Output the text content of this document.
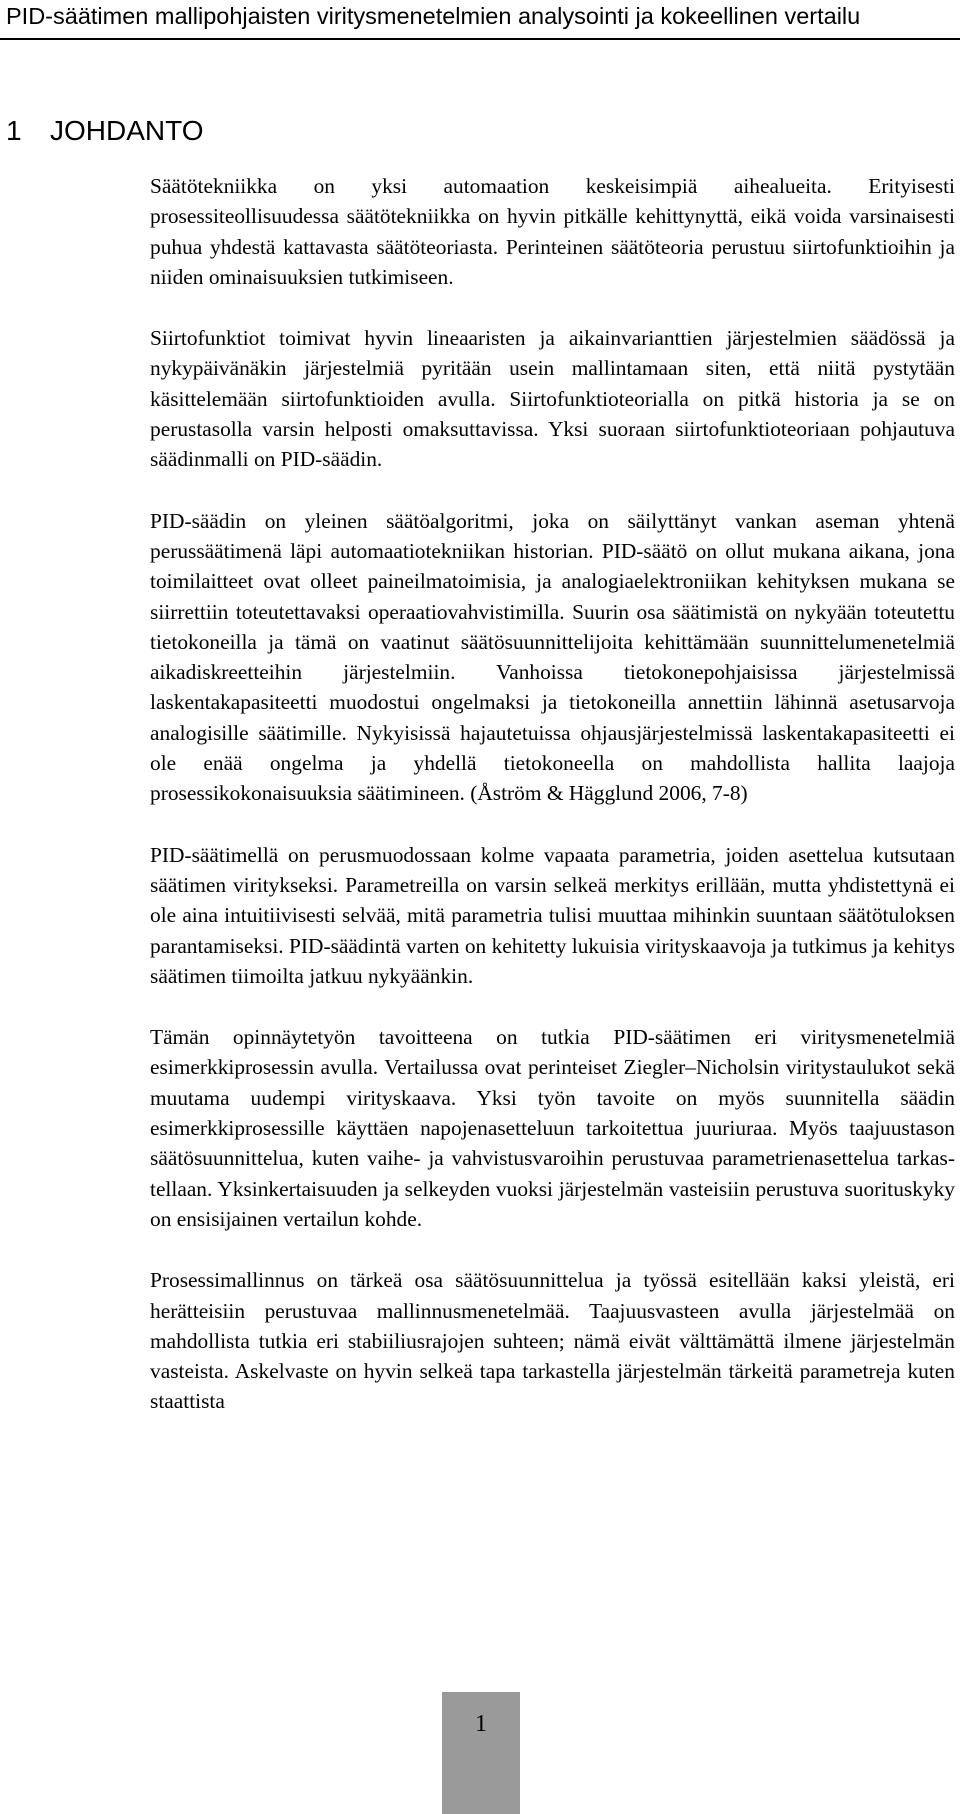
PID-säätimen mallipohjaisten viritysmenetelmien analysointi ja kokeellinen vertailu
1 JOHDANTO

Säätötekniikka on yksi automaation keskeisimpiä aihealueita. Erityisesti prosessiteollisuudessa säätötekniikka on hyvin pitkälle kehittynyttä, eikä voida varsinaisesti puhua yhdestä kattavasta säätöteoriasta. Perinteinen säätöteoria perustuu siirtofunktioihin ja niiden ominaisuuksien tutkimiseen.

Siirtofunktiot toimivat hyvin lineaaristen ja aikainvarianttien järjestelmien säädössä ja nykypäivänäkin järjestelmiä pyritään usein mallintamaan siten, että niitä pystytään käsittelemään siirtofunktioiden avulla. Siirtofunktioteorialla on pitkä historia ja se on perustasolla varsin helposti omaksuttavissa. Yksi suoraan siirtofunktioteoriaan pohjautuva säädinmalli on PID-säädin.

PID-säädin on yleinen säätöalgoritmi, joka on säilyttänyt vankan aseman yhtenä perussäätimenä läpi automaatiotekniikan historian. PID-säätö on ollut mukana aikana, jona toimilaitteet ovat olleet paineilmatoimisia, ja analogiaelektroniikan kehityksen mukana se siirrettiin toteutettavaksi operaatiovahvistimilla. Suurin osa säätimistä on nykyään toteutettu tietokoneilla ja tämä on vaatinut säätösuunnittelijoita kehittämään suunnittelumenetelmiä aikadiskreetteihin järjestelmiin. Vanhoissa tietokonepohjaisissa järjestelmissä laskentakapasiteetti muodostui ongelmaksi ja tietokoneilla annettiin lähinnä asetusarvoja analogisille säätimille. Nykyisissä hajautetuissa ohjausjärjestelmissä laskentakapasiteetti ei ole enää ongelma ja yhdellä tietokoneella on mahdollista hallita laajoja prosessikokonaisuuksia säätimineen. (Åström & Hägglund 2006, 7-8)

PID-säätimellä on perusmuodossaan kolme vapaata parametria, joiden asettelua kutsutaan säätimen viritykseksi. Parametreilla on varsin selkeä merkitys erillään, mutta yhdistettynä ei ole aina intuitiivisesti selvää, mitä parametria tulisi muuttaa mihinkin suuntaan säätötuloksen parantamiseksi. PID-säädintä varten on kehitetty lukuisia virityskaavoja ja tutkimus ja kehitys säätimen tiimoilta jatkuu nykyäänkin.

Tämän opinnäytetyön tavoitteena on tutkia PID-säätimen eri viritysmenetelmiä esimerkkiprosessin avulla. Vertailussa ovat perinteiset Ziegler–Nicholsin viritystaulukot sekä muutama uudempi virityskaava. Yksi työn tavoite on myös suunnitella säädin esimerkkiprosessille käyttäen napojenasetteluun tarkoitettua juuriuraa. Myös taajuustason säätösuunnittelua, kuten vaihe- ja vahvistusvaroihin perustuvaa parametrienasettelua tarkastellaan. Yksinkertaisuuden ja selkeyden vuoksi järjestelmän vasteisiin perustuva suorituskyky on ensisijainen vertailun kohde.

Prosessimallinnus on tärkeä osa säätösuunnittelua ja työssä esitellään kaksi yleistä, eri herätteisiin perustuvaa mallinnusmenetelmää. Taajuusvasteen avulla järjestelmää on mahdollista tutkia eri stabiiliusrajojen suhteen; nämä eivät välttämättä ilmene järjestelmän vasteista. Askelvaste on hyvin selkeä tapa tarkastella järjestelmän tärkeitä parametreja kuten staattista

1
